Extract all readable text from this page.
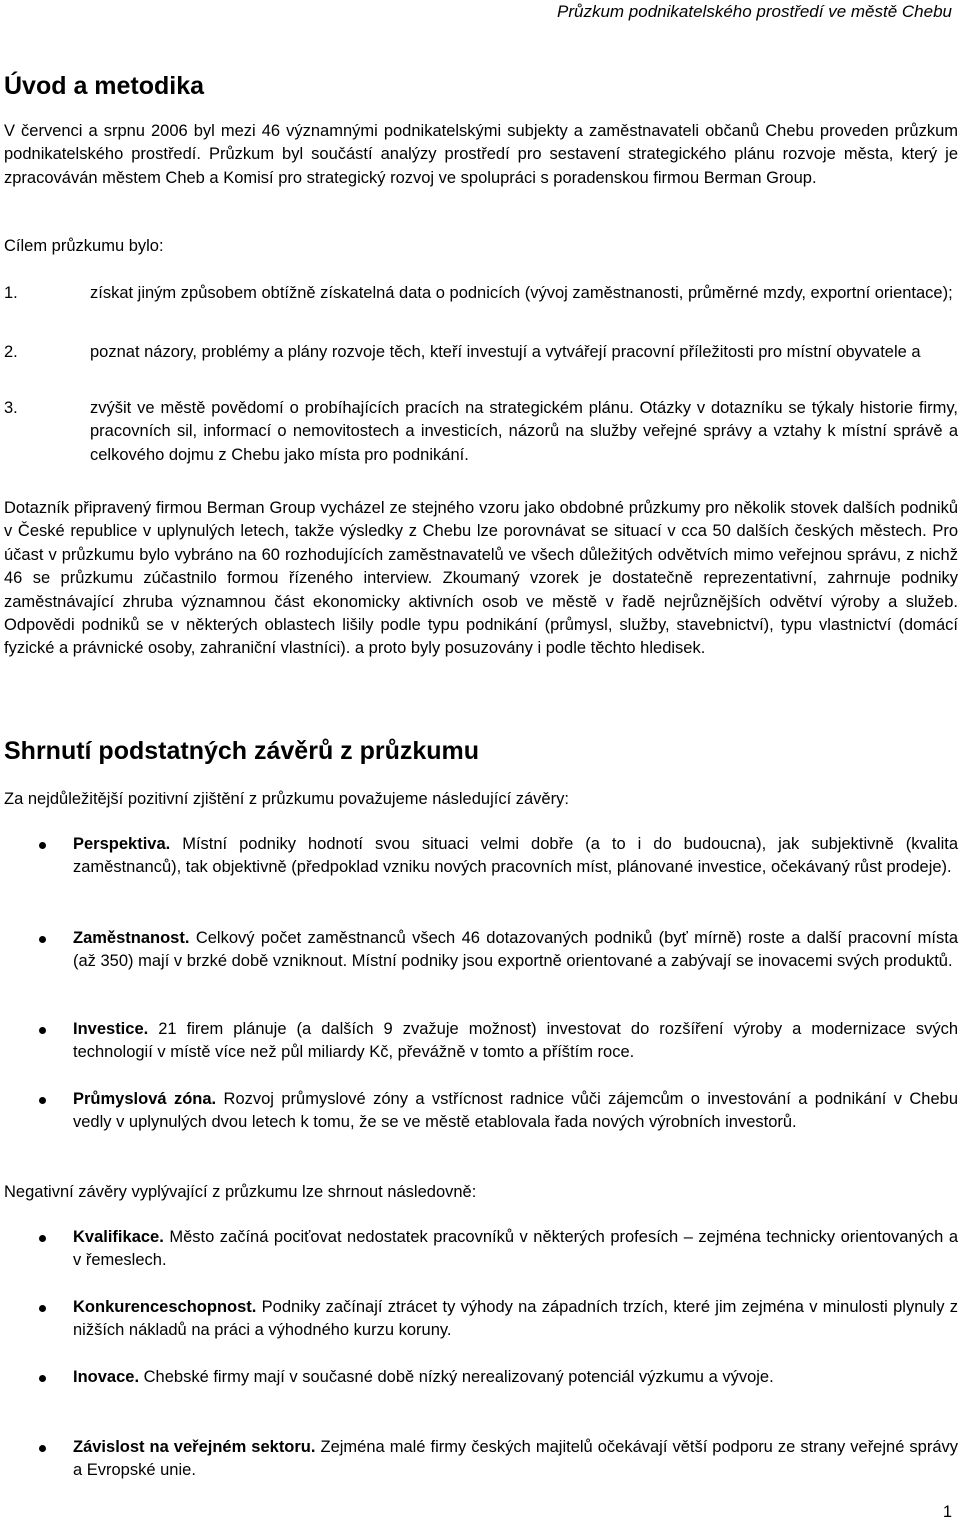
Průzkum podnikatelského prostředí ve městě Chebu
Úvod a metodika

V červenci a srpnu 2006 byl mezi 46 významnými podnikatelskými subjekty a zaměstnavateli občanů Chebu proveden průzkum podnikatelského prostředí. Průzkum byl součástí analýzy prostředí pro sestavení strategického plánu rozvoje města, který je zpracováván městem Cheb a Komisí pro strategický rozvoj ve spolupráci s poradenskou firmou Berman Group.

Cílem průzkumu bylo:

1.	získat jiným způsobem obtížně získatelná data o podnicích (vývoj zaměstnanosti, průměrné mzdy, exportní orientace);
2.	poznat názory, problémy a plány rozvoje těch, kteří investují a vytvářejí pracovní příležitosti pro místní obyvatele a
3.	zvýšit ve městě povědomí o probíhajících pracích na strategickém plánu. Otázky v dotazníku se týkaly historie firmy, pracovních sil, informací o nemovitostech a investicích, názorů na služby veřejné správy a vztahy k místní správě a celkového dojmu z Chebu jako místa pro podnikání.

Dotazník připravený firmou Berman Group vycházel ze stejného vzoru jako obdobné průzkumy pro několik stovek dalších podniků v České republice v uplynulých letech, takže výsledky z Chebu lze porovnávat se situací v cca 50 dalších českých městech. Pro účast v průzkumu bylo vybráno na 60 rozhodujících zaměstnavatelů ve všech důležitých odvětvích mimo veřejnou správu, z nichž 46 se průzkumu zúčastnilo formou řízeného interview. Zkoumaný vzorek je dostatečně reprezentativní, zahrnuje podniky zaměstnávající zhruba významnou část ekonomicky aktivních osob ve městě v řadě nejrůznějších odvětví výroby a služeb. Odpovědi podniků se v některých oblastech lišily podle typu podnikání (průmysl, služby, stavebnictví), typu vlastnictví (domácí fyzické a právnické osoby, zahraniční vlastníci). a proto byly posuzovány i podle těchto hledisek.

Shrnutí podstatných závěrů z průzkumu

Za nejdůležitější pozitivní zjištění z průzkumu považujeme následující závěry:

Perspektiva. Místní podniky hodnotí svou situaci velmi dobře (a to i do budoucna), jak subjektivně (kvalita zaměstnanců), tak objektivně (předpoklad vzniku nových pracovních míst, plánované investice, očekávaný růst prodeje).
Zaměstnanost. Celkový počet zaměstnanců všech 46 dotazovaných podniků (byť mírně) roste a další pracovní místa (až 350) mají v brzké době vzniknout. Místní podniky jsou exportně orientované a zabývají se inovacemi svých produktů.
Investice. 21 firem plánuje (a dalších 9 zvažuje možnost) investovat do rozšíření výroby a modernizace svých technologií v místě více než půl miliardy Kč, převážně v tomto a příštím roce.
Průmyslová zóna. Rozvoj průmyslové zóny a vstřícnost radnice vůči zájemcům o investování a podnikání v Chebu vedly v uplynulých dvou letech k tomu, že se ve městě etablovala řada nových výrobních investorů.

Negativní závěry vyplývající z průzkumu lze shrnout následovně:

Kvalifikace. Město začíná pociťovat nedostatek pracovníků v některých profesích – zejména technicky orientovaných a v řemeslech.
Konkurenceschopnost. Podniky začínají ztrácet ty výhody na západních trzích, které jim zejména v minulosti plynuly z nižších nákladů na práci a výhodného kurzu koruny.
Inovace. Chebské firmy mají v současné době nízký nerealizovaný potenciál výzkumu a vývoje.
Závislost na veřejném sektoru. Zejména malé firmy českých majitelů očekávají větší podporu ze strany veřejné správy a Evropské unie.
1
